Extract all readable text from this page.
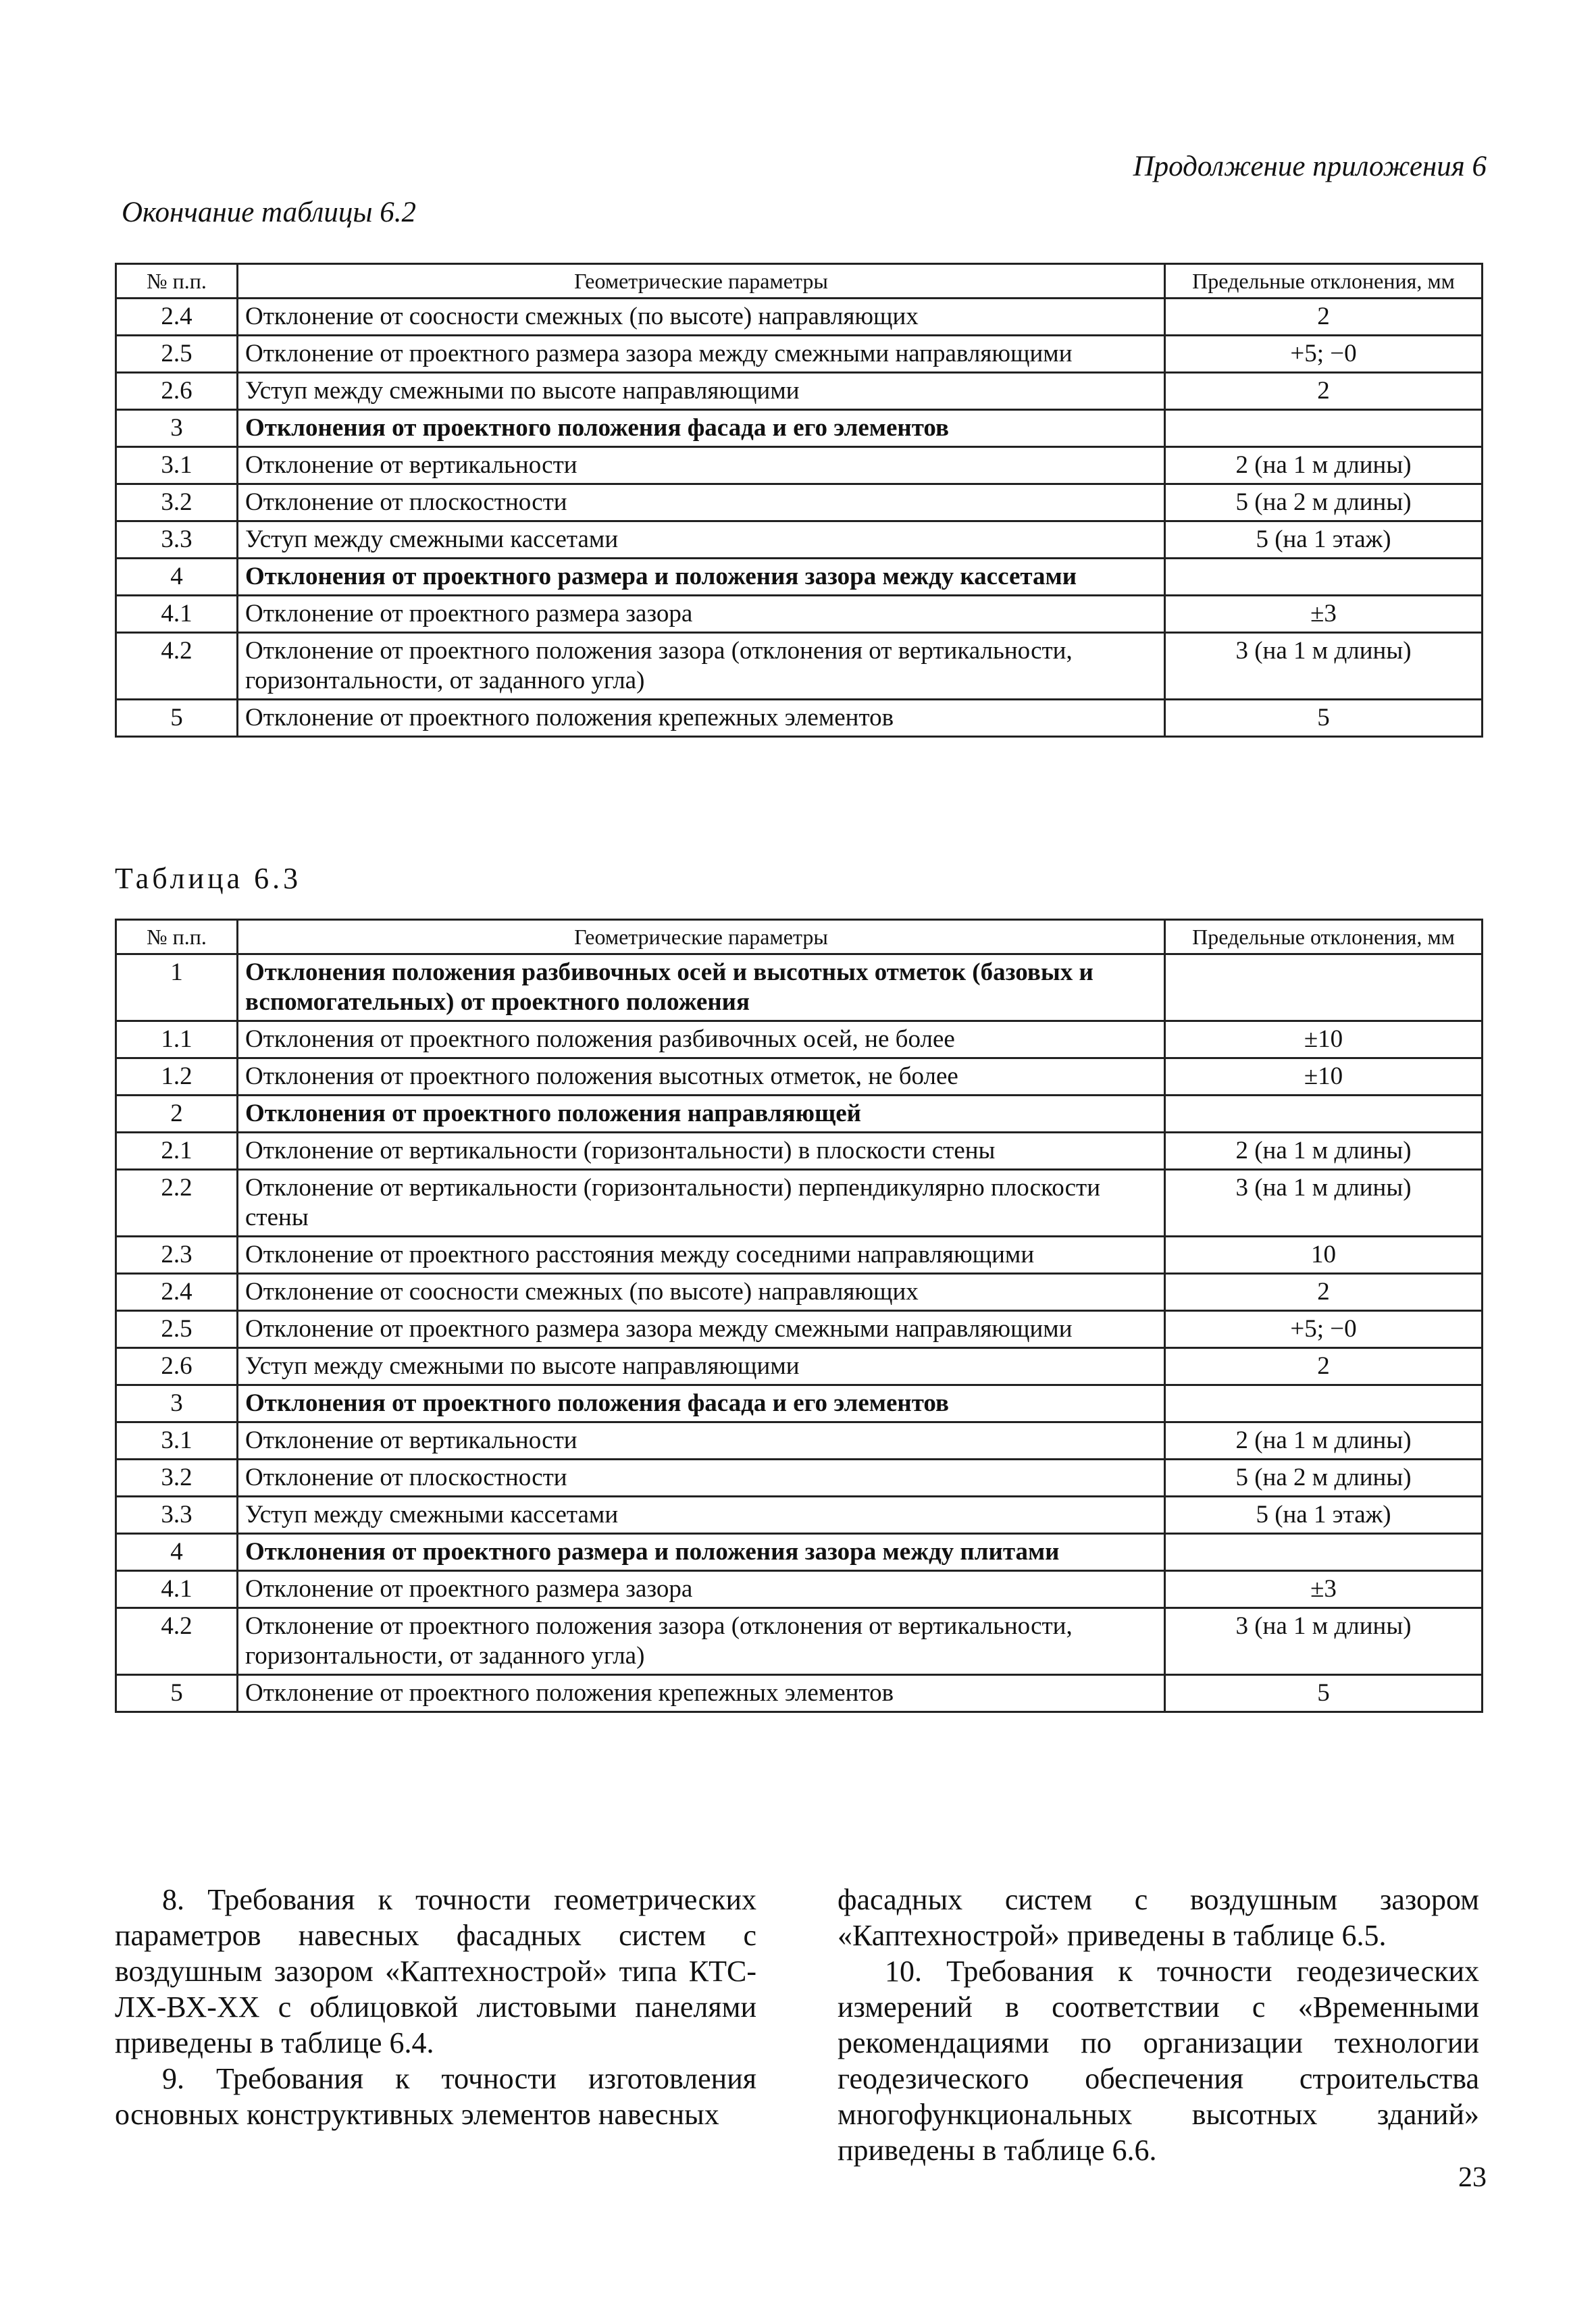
Продолжение приложения 6
Окончание таблицы 6.2
№ п.п.	Геометрические параметры	Предельные отклонения, мм
2.4	Отклонение от соосности смежных (по высоте) направляющих	2
2.5	Отклонение от проектного размера зазора между смежными направляющими	+5; −0
2.6	Уступ между смежными по высоте направляющими	2
3	Отклонения от проектного положения фасада и его элементов	
3.1	Отклонение от вертикальности	2 (на 1 м длины)
3.2	Отклонение от плоскостности	5 (на 2 м длины)
3.3	Уступ между смежными кассетами	5 (на 1 этаж)
4	Отклонения от проектного размера и положения зазора между кассетами	
4.1	Отклонение от проектного размера зазора	±3
4.2	Отклонение от проектного положения зазора (отклонения от вертикальности, горизонтальности, от заданного угла)	3 (на 1 м длины)
5	Отклонение от проектного положения крепежных элементов	5
Таблица 6.3
№ п.п.	Геометрические параметры	Предельные отклонения, мм
1	Отклонения положения разбивочных осей и высотных отметок (базовых и вспомогательных) от проектного положения	
1.1	Отклонения от проектного положения разбивочных осей, не более	±10
1.2	Отклонения от проектного положения высотных отметок, не более	±10
2	Отклонения от проектного положения направляющей	
2.1	Отклонение от вертикальности (горизонтальности) в плоскости стены	2 (на 1 м длины)
2.2	Отклонение от вертикальности (горизонтальности) перпендикулярно плоскости стены	3 (на 1 м длины)
2.3	Отклонение от проектного расстояния между соседними направляющими	10
2.4	Отклонение от соосности смежных (по высоте) направляющих	2
2.5	Отклонение от проектного размера зазора между смежными направляющими	+5; −0
2.6	Уступ между смежными по высоте направляющими	2
3	Отклонения от проектного положения фасада и его элементов	
3.1	Отклонение от вертикальности	2 (на 1 м длины)
3.2	Отклонение от плоскостности	5 (на 2 м длины)
3.3	Уступ между смежными кассетами	5 (на 1 этаж)
4	Отклонения от проектного размера и положения зазора между плитами	
4.1	Отклонение от проектного размера зазора	±3
4.2	Отклонение от проектного положения зазора (отклонения от вертикальности, горизонтальности, от заданного угла)	3 (на 1 м длины)
5	Отклонение от проектного положения крепежных элементов	5

8. Требования к точности геометрических параметров навесных фасадных систем с воздушным зазором «Каптехнострой» типа КТС-ЛХ-ВХ-ХХ с облицовкой листовыми панелями приведены в таблице 6.4.

9. Требования к точности изготовления основных конструктивных элементов навесных

фасадных систем с воздушным зазором «Каптехнострой» приведены в таблице 6.5.

10. Требования к точности геодезических измерений в соответствии с «Временными рекомендациями по организации технологии геодезического обеспечения строительства многофункциональных высотных зданий» приведены в таблице 6.6.

23
